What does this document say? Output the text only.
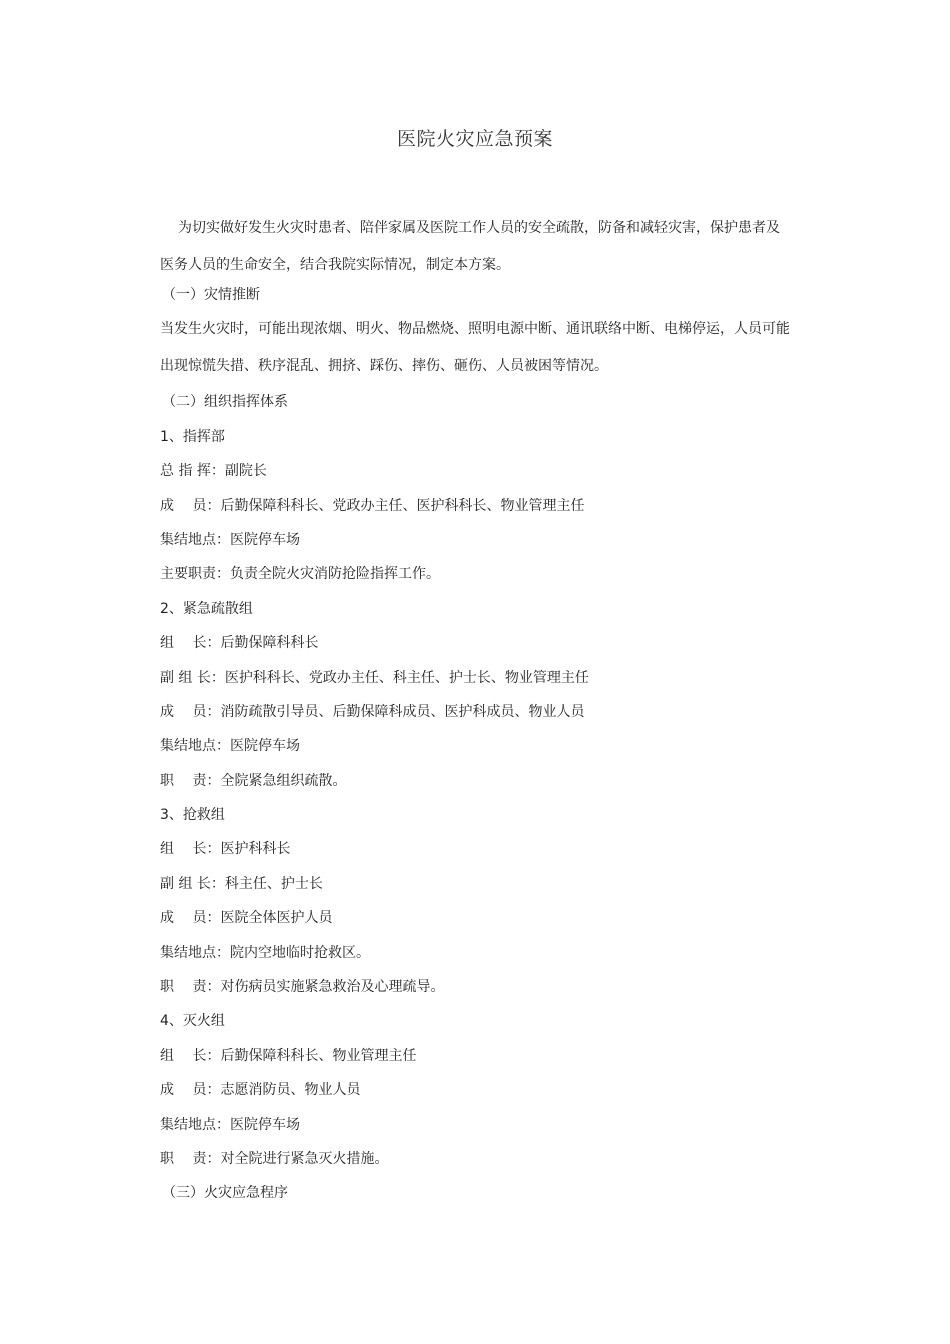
医院火灾应急预案
为切实做好发生火灾时患者、陪伴家属及医院工作人员的安全疏散，防备和减轻灾害，保护患者及医务人员的生命安全，结合我院实际情况，制定本方案。
（一）灾情推断
当发生火灾时，可能出现浓烟、明火、物品燃烧、照明电源中断、通讯联络中断、电梯停运，人员可能出现惊慌失措、秩序混乱、拥挤、踩伤、摔伤、砸伤、人员被困等情况。
（二）组织指挥体系
1、指挥部
总 指 挥：副院长
成　 员：后勤保障科科长、党政办主任、医护科科长、物业管理主任
集结地点：医院停车场
主要职责：负责全院火灾消防抢险指挥工作。
2、紧急疏散组
组　 长：后勤保障科科长
副 组 长：医护科科长、党政办主任、科主任、护士长、物业管理主任
成　 员：消防疏散引导员、后勤保障科成员、医护科成员、物业人员
集结地点：医院停车场
职　 责：全院紧急组织疏散。
3、抢救组
组　 长：医护科科长
副 组 长：科主任、护士长
成　 员：医院全体医护人员
集结地点：院内空地临时抢救区。
职　 责：对伤病员实施紧急救治及心理疏导。
4、灭火组
组　 长：后勤保障科科长、物业管理主任
成　 员：志愿消防员、物业人员
集结地点：医院停车场
职　 责：对全院进行紧急灭火措施。
（三）火灾应急程序
